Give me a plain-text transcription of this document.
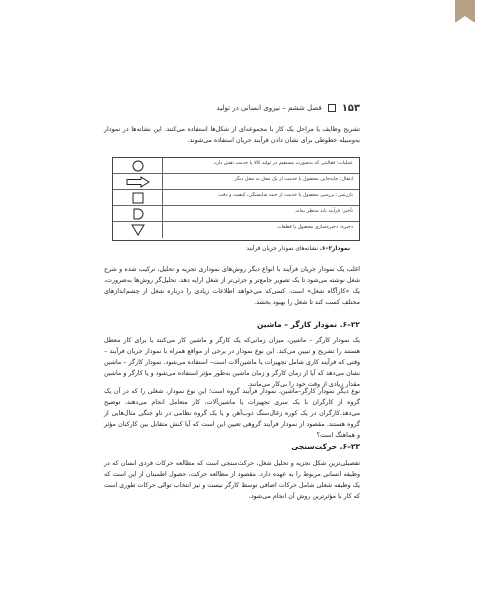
۱۵۳
فصل ششم – نیروی انسانی در تولید
تشریح وظایف یا مراحل یک کار با مجموعه‌ای از شکل‌ها استفاده می‌کنند. این نشانه‌ها در نمودار به‌وسیله خطوطی برای نشان دادن فرآیند جریان استفاده می‌شوند.
عملیات: فعالیتی که به‌صورت مستقیم در تولید کالا یا خدمت نقش دارد.
انتقال: جابه‌جایی محصول یا خدمت از یک محل به محل دیگر
بازرسی: بررسی محصول یا خدمت از جنبه شایستگی، کیفیت و دقت
تأخیر: فرآیند باید منتظر بماند.
ذخیره: ذخیره‌سازی محصول یا قطعات
نمودار۲–۶. نشانه‌های نمودار جریان فرآیند
اغلب یک نمودار جریان فرآیند با انواع دیگر روش‌های نموداری تجزیه و تحلیل، ترکیب شده و شرح شغل نوشته می‌شود تا یک تصویر جامع‌تر و جزئی‌تر از شغل ارایه دهد. تحلیل‌گر روش‌ها به‌ضرورت، یک «کارآگاه شغل» است. کسی‌که می‌خواهد اطلاعات زیادی را درباره شغل از چشم‌اندازهای مختلف کسب کند تا شغل را بهبود بخشد.
۲۲–۶. نمودار کارگر – ماشین
یک نمودار کارگر – ماشین، میزان زمانی‌که یک کارگر و ماشین کار می‌کنند یا برای کار معطل هستند را تشریح و تبیین می‌کند. این نوع نمودار در برخی از مواقع همراه با نمودار جریان فرآیند – وقتی که فرآیند کاری شامل تجهیزات یا ماشین‌آلات است– استفاده می‌شود. نمودار کارگر – ماشین نشان می‌دهد که آیا از زمان کارگر و زمان ماشین به‌طور مؤثر استفاده می‌شود و یا کارگر و ماشین مقدار زیادی از وقت خود را بی‌کار می‌مانند.
نوع دیگر نمودار کارگر–ماشین، نمودار فرآیند گروه است؛ این نوع نمودار، شغلی را که در آن یک گروه از کارگران با یک سری تجهیزات یا ماشین‌آلات، کار متعامل انجام می‌دهند، توضیح می‌دهد.کارگران در یک کوره زغال‌سنگ ذوب‌آهن و یا یک گروه نظامی در تاو جنگی مثال‌هایی از گروه هستند. مقصود از نمودار فرآیند گروهی تعیین این است که آیا کنش متقابل بین کارکنان مؤثر و هماهنگ است؟
۲۳–۶. حرکت‌سنجی
تفصیلی‌ترین شکل تجزیه و تحلیل شغل، حرکت‌سنجی است که مطالعه حرکات فردی انسان که در وظیفه انسانی مربوط را به عهده دارد. مقصود از مطالعه حرکت، حصول اطمینان از این است که یک وظیفه شغلی شامل حرکات اضافی توسط کارگر نیست و نیز انتخاب توالی حرکات طوری است که کار با مؤثرترین روش آن انجام می‌شود.
